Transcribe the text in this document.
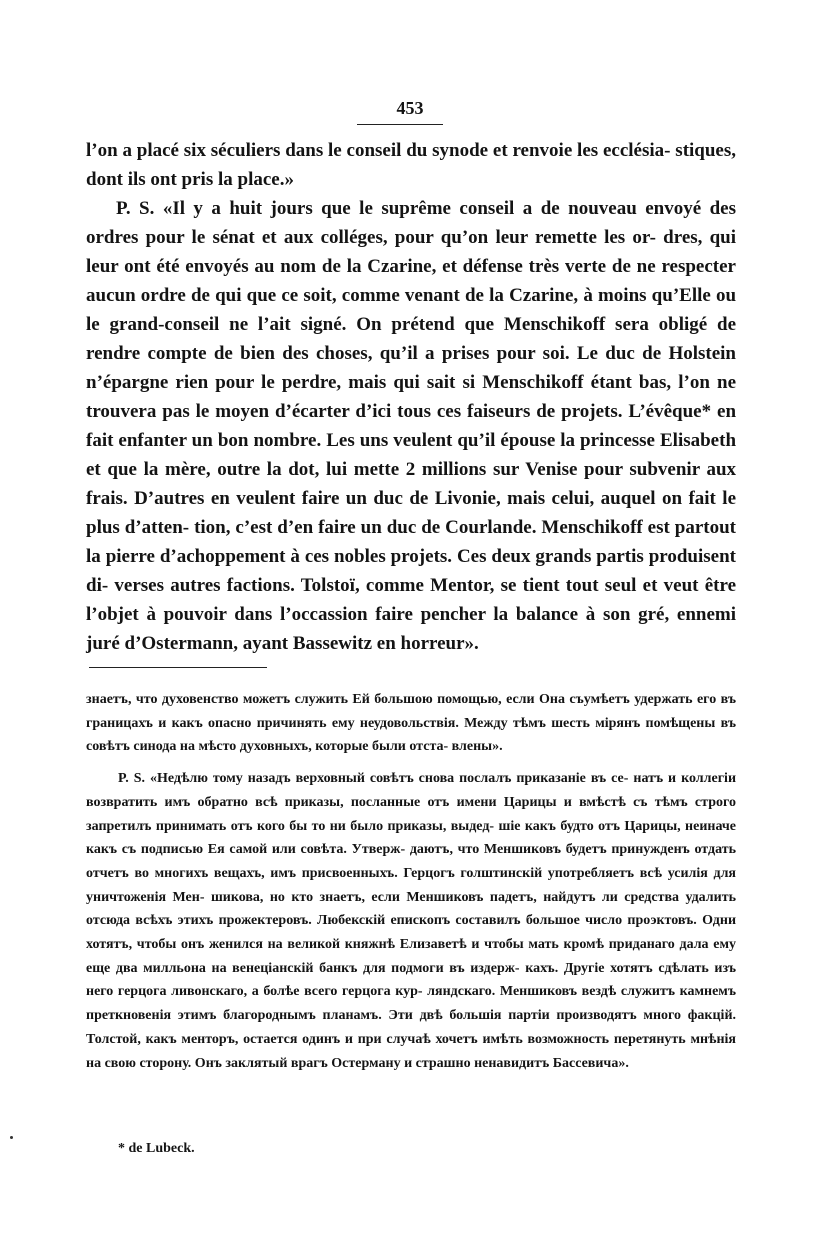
453

l’on a placé six séculiers dans le conseil du synode et renvoie les ecclésia- stiques, dont ils ont pris la place.»

P. S. «Il y a huit jours que le suprême conseil a de nouveau envoyé des ordres pour le sénat et aux colléges, pour qu’on leur remette les or- dres, qui leur ont été envoyés au nom de la Czarine, et défense très verte de ne respecter aucun ordre de qui que ce soit, comme venant de la Czarine, à moins qu’Elle ou le grand-conseil ne l’ait signé. On prétend que Menschikoff sera obligé de rendre compte de bien des choses, qu’il a prises pour soi. Le duc de Holstein n’épargne rien pour le perdre, mais qui sait si Menschikoff étant bas, l’on ne trouvera pas le moyen d’écarter d’ici tous ces faiseurs de projets. L’évêque* en fait enfanter un bon nombre. Les uns veulent qu’il épouse la princesse Elisabeth et que la mère, outre la dot, lui mette 2 millions sur Venise pour subvenir aux frais. D’autres en veulent faire un duc de Livonie, mais celui, auquel on fait le plus d’atten- tion, c’est d’en faire un duc de Courlande. Menschikoff est partout la pierre d’achoppement à ces nobles projets. Ces deux grands partis produisent di- verses autres factions. Tolstoï, comme Mentor, se tient tout seul et veut être l’objet à pouvoir dans l’occassion faire pencher la balance à son gré, ennemi juré d’Ostermann, ayant Bassewitz en horreur».

знаетъ, что духовенство можетъ служить Ей большою помощью, если Она съумѣетъ удержать его въ границахъ и какъ опасно причинять ему неудовольствія. Между тѣмъ шесть мірянъ помѣщены въ совѣтъ синода на мѣсто духовныхъ, которые были отста- влены».

P. S. «Недѣлю тому назадъ верховный совѣтъ снова послалъ приказаніе въ се- натъ и коллегіи возвратить имъ обратно всѣ приказы, посланные отъ имени Царицы и вмѣстѣ съ тѣмъ строго запретилъ принимать отъ кого бы то ни было приказы, выдед- шіе какъ будто отъ Царицы, неиначе какъ съ подписью Ея самой или совѣта. Утверж- даютъ, что Меншиковъ будетъ принужденъ отдать отчетъ во многихъ вещахъ, имъ присвоенныхъ. Герцогъ голштинскій употребляетъ всѣ усилія для уничтоженія Мен- шикова, но кто знаетъ, если Меншиковъ падетъ, найдутъ ли средства удалить отсюда всѣхъ этихъ прожектеровъ. Любекскій епископъ составилъ большое число проэктовъ. Одни хотятъ, чтобы онъ женился на великой княжнѣ Елизаветѣ и чтобы мать кромѣ приданаго дала ему еще два милльона на венеціанскій банкъ для подмоги въ издерж- кахъ. Другіе хотятъ сдѣлать изъ него герцога ливонскаго, а болѣе всего герцога кур- ляндскаго. Меншиковъ вездѣ служитъ камнемъ преткновенія этимъ благороднымъ планамъ. Эти двѣ большія партіи производятъ много факцій. Толстой, какъ менторъ, остается одинъ и при случаѣ хочетъ имѣть возможность перетянуть мнѣнія на свою сторону. Онъ заклятый врагъ Остерману и страшно ненавидитъ Бассевича».

* de Lubeck.
